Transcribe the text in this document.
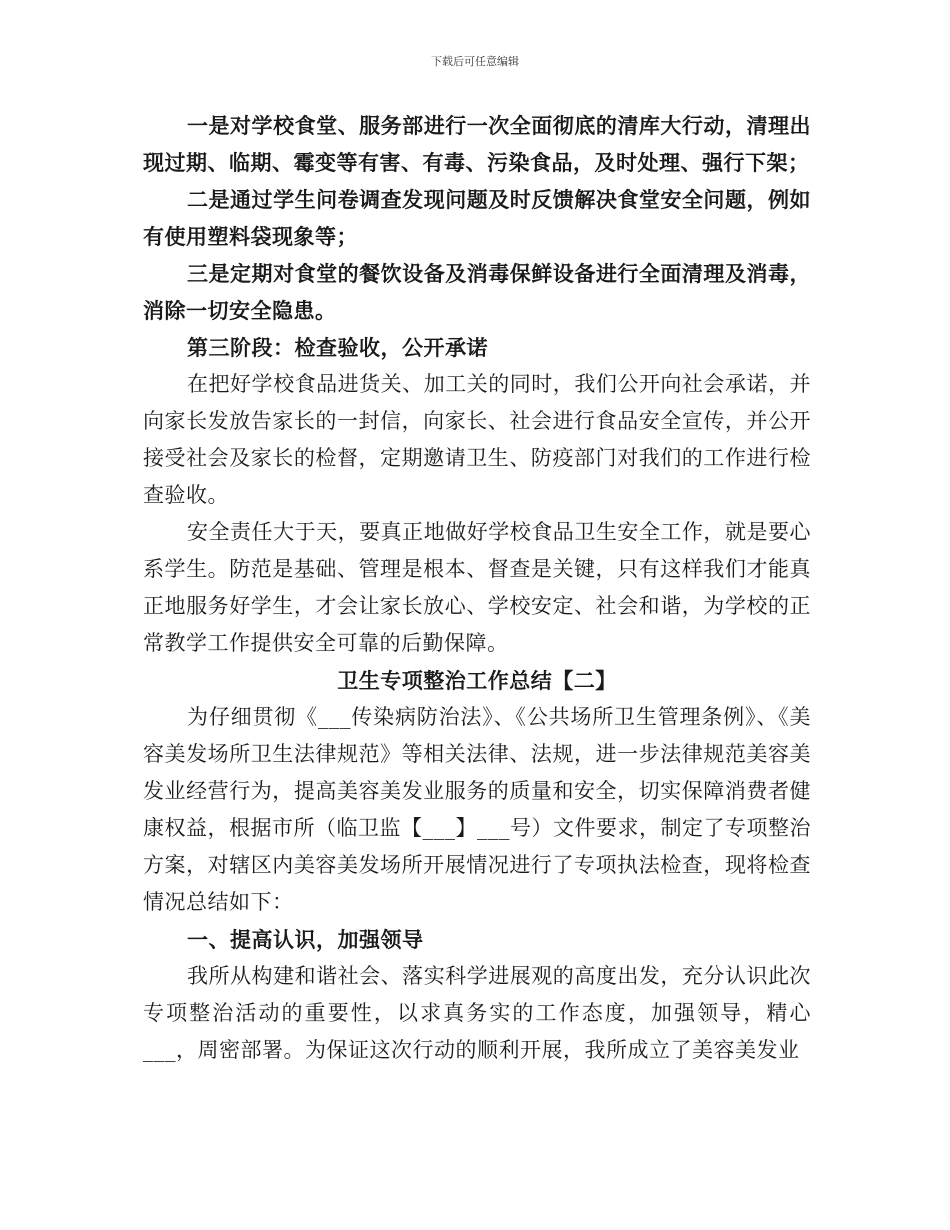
下载后可任意编辑

一是对学校食堂、服务部进行一次全面彻底的清库大行动，清理出现过期、临期、霉变等有害、有毒、污染食品，及时处理、强行下架；

二是通过学生问卷调查发现问题及时反馈解决食堂安全问题，例如有使用塑料袋现象等；

三是定期对食堂的餐饮设备及消毒保鲜设备进行全面清理及消毒，消除一切安全隐患。

第三阶段：检查验收，公开承诺

在把好学校食品进货关、加工关的同时，我们公开向社会承诺，并向家长发放告家长的一封信，向家长、社会进行食品安全宣传，并公开接受社会及家长的检督，定期邀请卫生、防疫部门对我们的工作进行检查验收。

安全责任大于天，要真正地做好学校食品卫生安全工作，就是要心系学生。防范是基础、管理是根本、督查是关键，只有这样我们才能真正地服务好学生，才会让家长放心、学校安定、社会和谐，为学校的正常教学工作提供安全可靠的后勤保障。

卫生专项整治工作总结【二】

为仔细贯彻《___传染病防治法》、《公共场所卫生管理条例》、《美容美发场所卫生法律规范》等相关法律、法规，进一步法律规范美容美发业经营行为，提高美容美发业服务的质量和安全，切实保障消费者健康权益，根据市所（临卫监【___】___号）文件要求，制定了专项整治方案，对辖区内美容美发场所开展情况进行了专项执法检查，现将检查情况总结如下：

一、提高认识，加强领导

我所从构建和谐社会、落实科学进展观的高度出发，充分认识此次专项整治活动的重要性，以求真务实的工作态度，加强领导，精心___，周密部署。为保证这次行动的顺利开展，我所成立了美容美发业
